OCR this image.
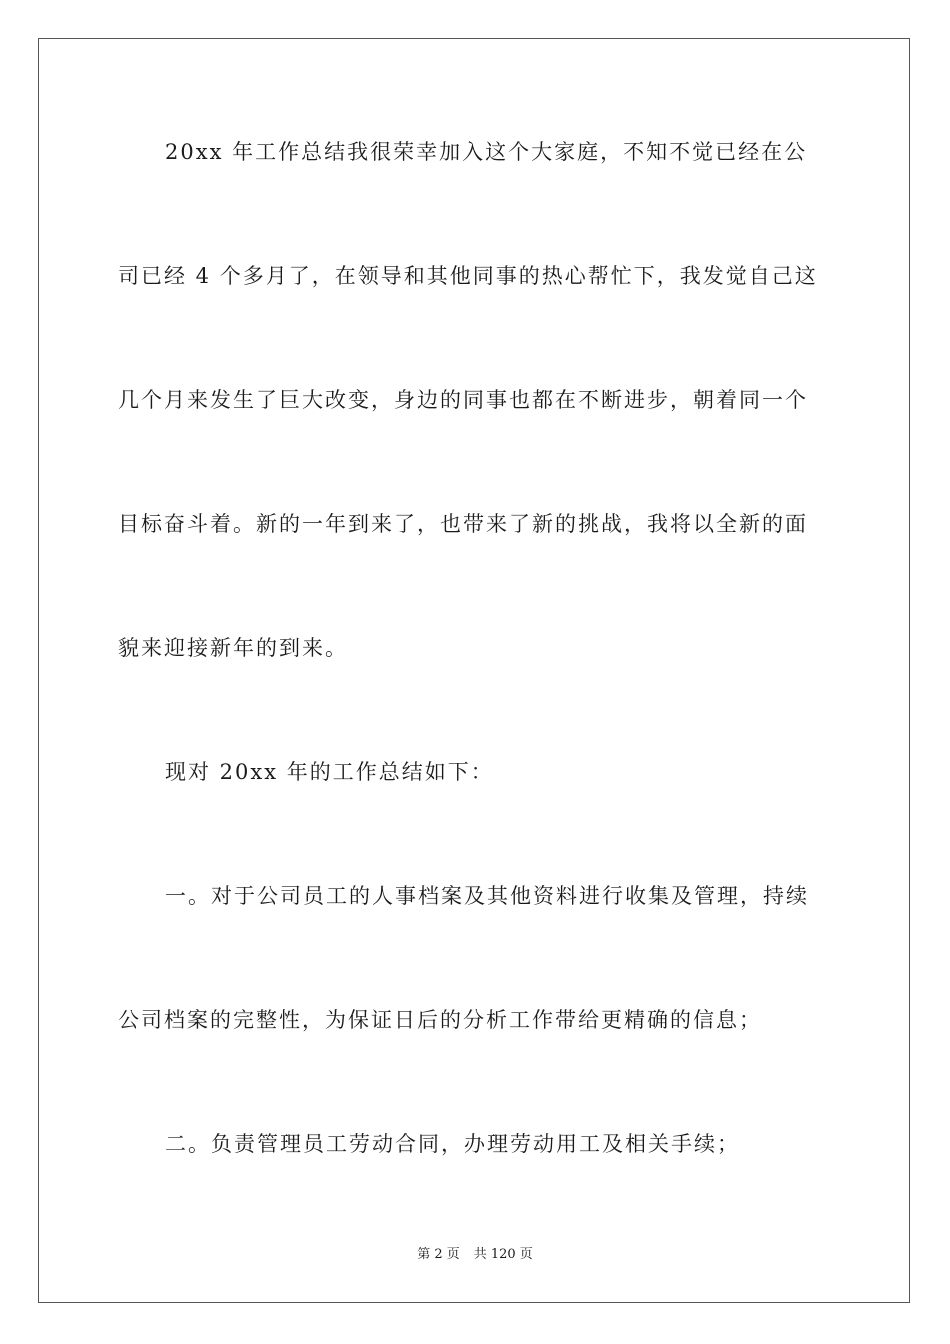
20xx 年工作总结我很荣幸加入这个大家庭，不知不觉已经在公
司已经 4 个多月了，在领导和其他同事的热心帮忙下，我发觉自己这
几个月来发生了巨大改变，身边的同事也都在不断进步，朝着同一个
目标奋斗着。新的一年到来了，也带来了新的挑战，我将以全新的面
貌来迎接新年的到来。
现对 20xx 年的工作总结如下：
一。对于公司员工的人事档案及其他资料进行收集及管理，持续
公司档案的完整性，为保证日后的分析工作带给更精确的信息；
二。负责管理员工劳动合同，办理劳动用工及相关手续；
第 2 页 共 120 页
